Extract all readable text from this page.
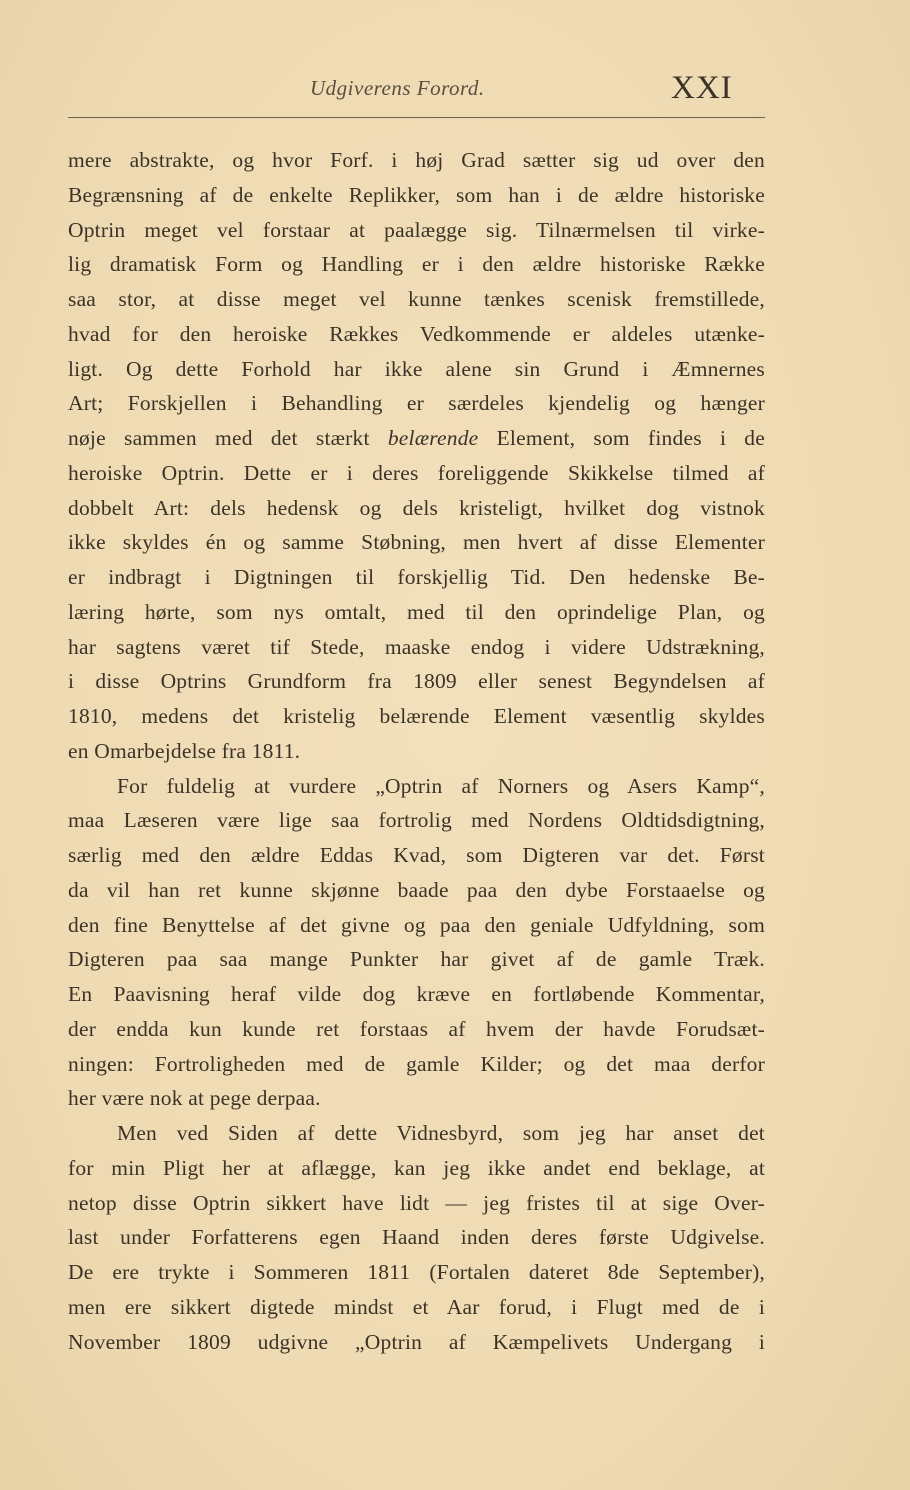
Udgiverens Forord.	XXI
mere abstrakte, og hvor Forf. i høj Grad sætter sig ud over den
Begrænsning af de enkelte Replikker, som han i de ældre historiske
Optrin meget vel forstaar at paalægge sig. Tilnærmelsen til virke-
lig dramatisk Form og Handling er i den ældre historiske Række
saa stor, at disse meget vel kunne tænkes scenisk fremstillede,
hvad for den heroiske Rækkes Vedkommende er aldeles utænke-
ligt. Og dette Forhold har ikke alene sin Grund i Æmnernes
Art; Forskjellen i Behandling er særdeles kjendelig og hænger
nøje sammen med det stærkt belærende Element, som findes i de
heroiske Optrin. Dette er i deres foreliggende Skikkelse tilmed af
dobbelt Art: dels hedensk og dels kristeligt, hvilket dog vistnok
ikke skyldes én og samme Støbning, men hvert af disse Elementer
er indbragt i Digtningen til forskjellig Tid. Den hedenske Be-
læring hørte, som nys omtalt, med til den oprindelige Plan, og
har sagtens været tif Stede, maaske endog i videre Udstrækning,
i disse Optrins Grundform fra 1809 eller senest Begyndelsen af
1810, medens det kristelig belærende Element væsentlig skyldes
en Omarbejdelse fra 1811.
For fuldelig at vurdere „Optrin af Norners og Asers Kamp“,
maa Læseren være lige saa fortrolig med Nordens Oldtidsdigtning,
særlig med den ældre Eddas Kvad, som Digteren var det. Først
da vil han ret kunne skjønne baade paa den dybe Forstaaelse og
den fine Benyttelse af det givne og paa den geniale Udfyldning, som
Digteren paa saa mange Punkter har givet af de gamle Træk.
En Paavisning heraf vilde dog kræve en fortløbende Kommentar,
der endda kun kunde ret forstaas af hvem der havde Forudsæt-
ningen: Fortroligheden med de gamle Kilder; og det maa derfor
her være nok at pege derpaa.
Men ved Siden af dette Vidnesbyrd, som jeg har anset det
for min Pligt her at aflægge, kan jeg ikke andet end beklage, at
netop disse Optrin sikkert have lidt — jeg fristes til at sige Over-
last under Forfatterens egen Haand inden deres første Udgivelse.
De ere trykte i Sommeren 1811 (Fortalen dateret 8de September),
men ere sikkert digtede mindst et Aar forud, i Flugt med de i
November 1809 udgivne „Optrin af Kæmpelivets Undergang i
